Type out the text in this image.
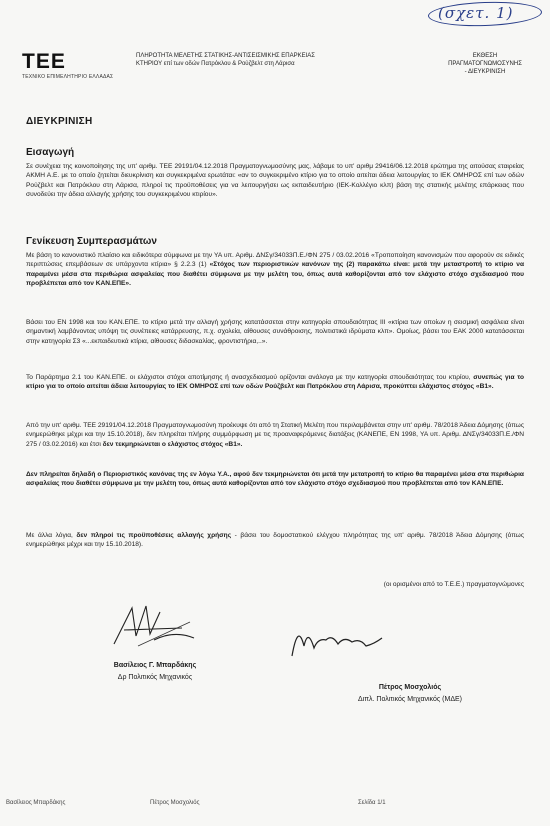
(σχετ. 1)
TEE
ΤΕΧΝΙΚΟ ΕΠΙΜΕΛΗΤΗΡΙΟ ΕΛΛΑΔΑΣ
ΠΛΗΡΟΤΗΤΑ ΜΕΛΕΤΗΣ ΣΤΑΤΙΚΗΣ-ΑΝΤΙΣΕΙΣΜΙΚΗΣ ΕΠΑΡΚΕΙΑΣ
ΚΤΗΡΙΟΥ επί των οδών Πατρόκλου & Ρούζβελτ στη Λάρισα
ΕΚΘΕΣΗ
ΠΡΑΓΜΑΤΟΓΝΩΜΟΣΥΝΗΣ
- ΔΙΕΥΚΡΙΝΙΣΗ
ΔΙΕΥΚΡΙΝΙΣΗ
Εισαγωγή
Σε συνέχεια της κοινοποίησης της υπ' αριθμ. ΤΕΕ 29191/04.12.2018 Πραγματογνωμοσύνης μας, λάβαμε το υπ' αριθμ 29416/06.12.2018 ερώτημα της αιτούσας εταιρείας ΑΚΜΗ Α.Ε. με το οποίο ζητείται διευκρίνιση και συγκεκριμένα ερωτάται: «αν το συγκεκριμένο κτίριο για το οποίο αιτείται άδεια λειτουργίας το ΙΕΚ ΟΜΗΡΟΣ επί των οδών Ρούζβελτ και Πατρόκλου στη Λάρισα, πληροί τις προϋποθέσεις για να λειτουργήσει ως εκπαιδευτήριο (ΙΕΚ-Κολλέγιο κλπ) βάση της στατικής μελέτης επάρκειας που συνοδεύει την άδεια αλλαγής χρήσης του συγκεκριμένου κτιρίου».
Γενίκευση Συμπερασμάτων
Με βάση το κανονιστικό πλαίσιο και ειδικότερα σύμφωνα με την ΥΑ υπ. Αριθμ. ΔΝΣγ/34033Π.Ε./ΦΝ 275 / 03.02.2016 «Τροποποίηση κανονισμών που αφορούν σε ειδικές περιπτώσεις επεμβάσεων σε υπάρχοντα κτίρια» § 2.2.3 (1) «Στόχος των περιοριστικών κανόνων της (2) παρακάτω είναι: μετά την μεταστροπή το κτίριο να παραμένει μέσα στα περιθώρια ασφαλείας που διαθέτει σύμφωνα με την μελέτη του, όπως αυτά καθορίζονται από τον ελάχιστο στόχο σχεδιασμού που προβλέπεται από τον ΚΑΝ.ΕΠΕ».
Βάσει του ΕΝ 1998 και του ΚΑΝ.ΕΠΕ. το κτίριο μετά την αλλαγή χρήσης κατατάσσεται στην κατηγορία σπουδαιότητας ΙΙΙ «κτίρια των οποίων η σεισμική ασφάλεια είναι σημαντική λαμβάνοντας υπόψη τις συνέπειες κατάρρευσης, π.χ. σχολεία, αίθουσες συνάθροισης, πολιτιστικά ιδρύματα κλπ». Ομοίως, βάσει του ΕΑΚ 2000 κατατάσσεται στην κατηγορία Σ3 «...εκπαιδευτικά κτίρια, αίθουσες διδασκαλίας, φροντιστήρια,..».
Το Παράρτημα 2.1 του ΚΑΝ.ΕΠΕ. οι ελάχιστοι στόχοι αποτίμησης ή ανασχεδιασμού ορίζονται ανάλογα με την κατηγορία σπουδαιότητας του κτιρίου, συνεπώς για το κτίριο για το οποίο αιτείται άδεια λειτουργίας το ΙΕΚ ΟΜΗΡΟΣ επί των οδών Ρούζβελτ και Πατρόκλου στη Λάρισα, προκύπτει ελάχιστος στόχος «Β1».
Από την υπ' αριθμ. ΤΕΕ 29191/04.12.2018 Πραγματογνωμοσύνη προέκυψε ότι από τη Στατική Μελέτη που περιλαμβάνεται στην υπ' αριθμ. 78/2018 Άδεια Δόμησης (όπως ενημερώθηκε μέχρι και την 15.10.2018), δεν πληρείται πλήρης συμμόρφωση με τις προαναφερόμενες διατάξεις (ΚΑΝΕΠΕ, ΕΝ 1998, ΥΑ υπ. Αριθμ. ΔΝΣγ/34033Π.Ε./ΦΝ 275 / 03.02.2016) και έτσι δεν τεκμηριώνεται ο ελάχιστος στόχος «Β1».
Δεν πληρείται δηλαδή ο Περιοριστικός κανόνας της εν λόγω Υ.Α., αφού δεν τεκμηριώνεται ότι μετά την μετατροπή το κτίριο θα παραμένει μέσα στα περιθώρια ασφαλείας που διαθέτει σύμφωνα με την μελέτη του, όπως αυτά καθορίζονται από τον ελάχιστο στόχο σχεδιασμού που προβλέπεται από τον ΚΑΝ.ΕΠΕ.
Με άλλα λόγια, δεν πληροί τις προϋποθέσεις αλλαγής χρήσης - βάσει του δομοστατικού ελέγχου πληρότητας της υπ' αριθμ. 78/2018 Άδεια Δόμησης (όπως ενημερώθηκε μέχρι και την 15.10.2018).
(οι ορισμένοι από το Τ.Ε.Ε.) πραγματογνώμονες
Βασίλειος Γ. Μπαρδάκης
Δρ Πολιτικός Μηχανικός
Πέτρος Μοσχολιός
Διπλ. Πολιτικός Μηχανικός (ΜΔΕ)
Βασίλειος Μπαρδάκης	Πέτρος Μοσχολιός	Σελίδα 1/1
